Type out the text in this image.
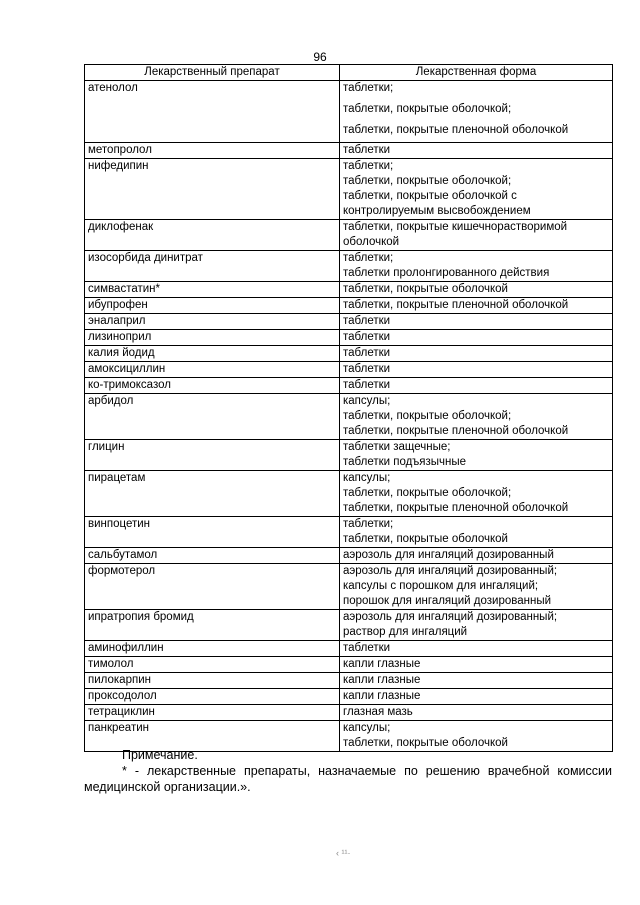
96
Лекарственный препарат	Лекарственная форма
атенолол	таблетки;
таблетки, покрытые оболочкой;
таблетки, покрытые пленочной оболочкой

метопролол	таблетки

нифедипин	таблетки;
таблетки, покрытые оболочкой;
таблетки, покрытые оболочкой с контролируемым высвобождением

диклофенак	таблетки, покрытые кишечнорастворимой оболочкой

изосорбида динитрат	таблетки;
таблетки пролонгированного действия

симвастатин*	таблетки, покрытые оболочкой

ибупрофен	таблетки, покрытые пленочной оболочкой

эналаприл	таблетки

лизиноприл	таблетки

калия йодид	таблетки

амоксициллин	таблетки

ко-тримоксазол	таблетки

арбидол	капсулы;
таблетки, покрытые оболочкой;
таблетки, покрытые пленочной оболочкой

глицин	таблетки защечные;
таблетки подъязычные

пирацетам	капсулы;
таблетки, покрытые оболочкой;
таблетки, покрытые пленочной оболочкой

винпоцетин	таблетки;
таблетки, покрытые оболочкой

сальбутамол	аэрозоль для ингаляций дозированный

формотерол	аэрозоль для ингаляций дозированный;
капсулы с порошком для ингаляций;
порошок для ингаляций дозированный

ипратропия бромид	аэрозоль для ингаляций дозированный;
раствор для ингаляций

аминофиллин	таблетки

тимолол	капли глазные

пилокарпин	капли глазные

проксодолол	капли глазные

тетрациклин	глазная мазь

панкреатин	капсулы;
таблетки, покрытые оболочкой
Примечание.
* - лекарственные препараты, назначаемые по решению врачебной комиссии медицинской организации.».
‹ ¹¹·
